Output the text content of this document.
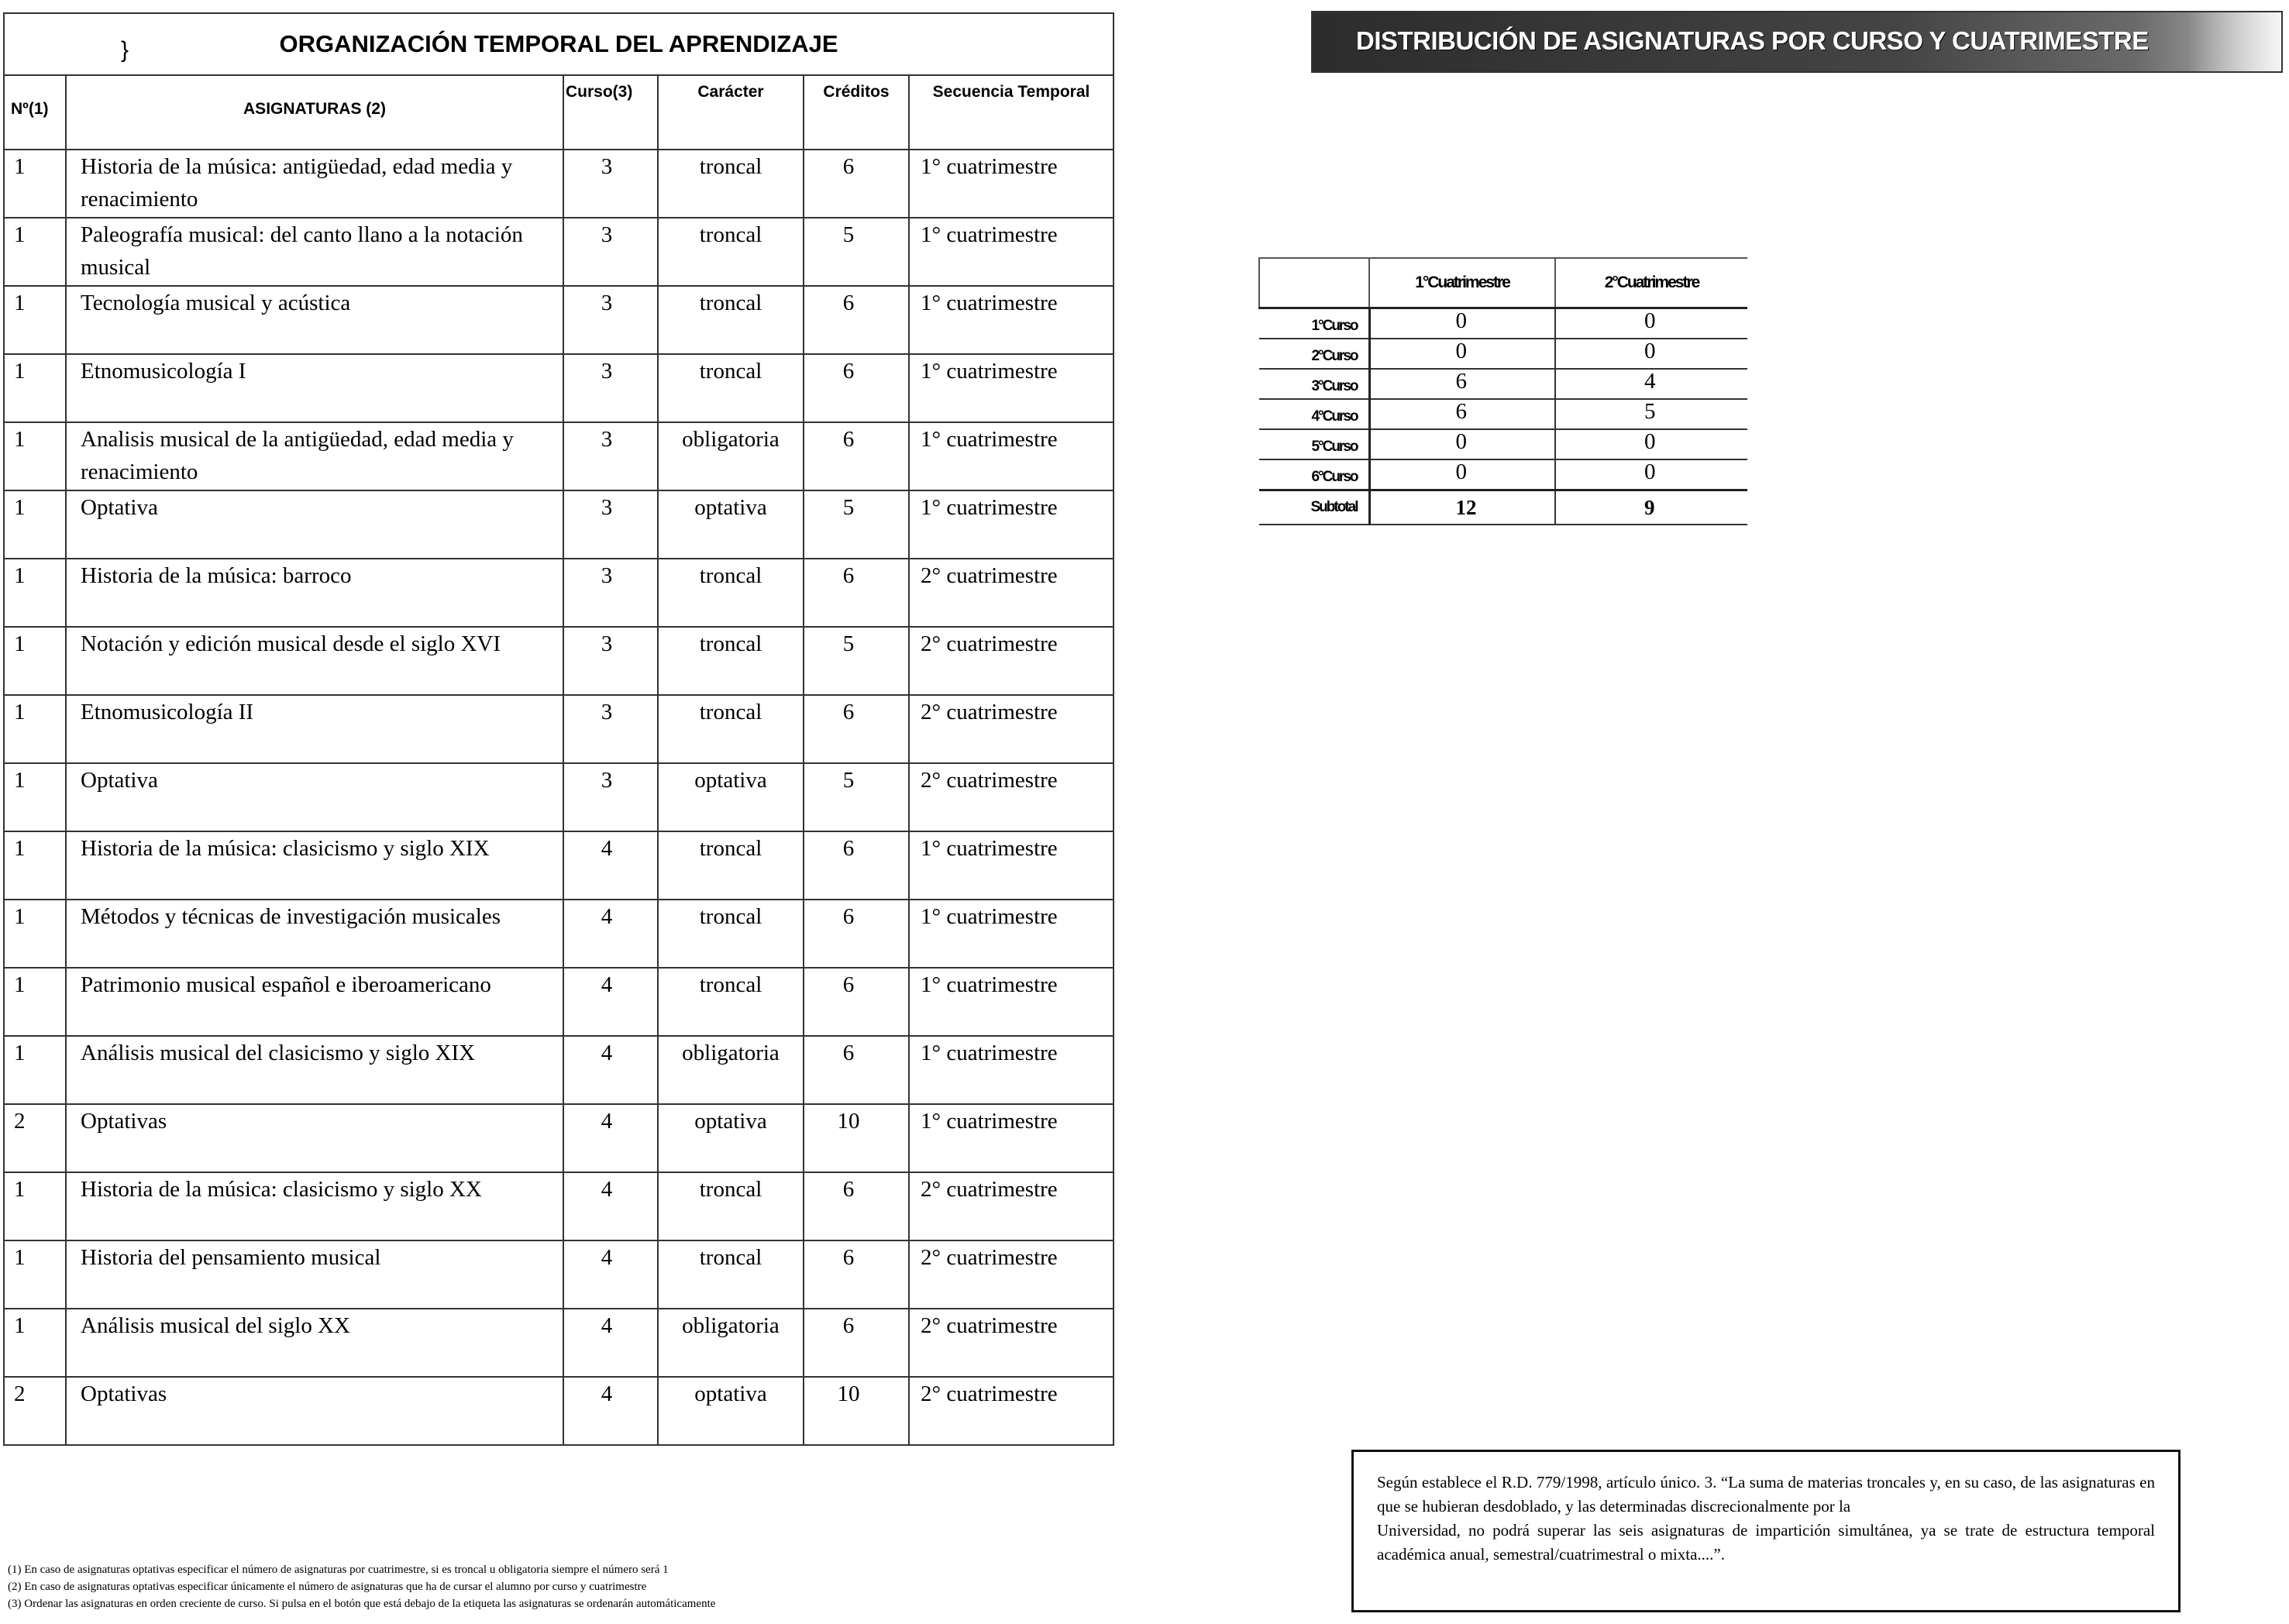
} ORGANIZACIÓN TEMPORAL DEL APRENDIZAJE					
Nº(1)	ASIGNATURAS (2)	Curso(3)	Carácter	Créditos	Secuencia Temporal
1	Historia de la música: antigüedad, edad media y renacimiento	3	troncal	6	1° cuatrimestre
1	Paleografía musical: del canto llano a la notación musical	3	troncal	5	1° cuatrimestre
1	Tecnología musical y acústica	3	troncal	6	1° cuatrimestre
1	Etnomusicología I	3	troncal	6	1° cuatrimestre
1	Analisis musical de la antigüedad, edad media y renacimiento	3	obligatoria	6	1° cuatrimestre
1	Optativa	3	optativa	5	1° cuatrimestre
1	Historia de la música: barroco	3	troncal	6	2° cuatrimestre
1	Notación y edición musical desde el siglo XVI	3	troncal	5	2° cuatrimestre
1	Etnomusicología II	3	troncal	6	2° cuatrimestre
1	Optativa	3	optativa	5	2° cuatrimestre
1	Historia de la música: clasicismo y siglo XIX	4	troncal	6	1° cuatrimestre
1	Métodos y técnicas de investigación musicales	4	troncal	6	1° cuatrimestre
1	Patrimonio musical español e iberoamericano	4	troncal	6	1° cuatrimestre
1	Análisis musical del clasicismo y siglo XIX	4	obligatoria	6	1° cuatrimestre
2	Optativas	4	optativa	10	1° cuatrimestre
1	Historia de la música: clasicismo y siglo XX	4	troncal	6	2° cuatrimestre
1	Historia del pensamiento musical	4	troncal	6	2° cuatrimestre
1	Análisis musical del siglo XX	4	obligatoria	6	2° cuatrimestre
2	Optativas	4	optativa	10	2° cuatrimestre
(1) En caso de asignaturas optativas especificar el número de asignaturas por cuatrimestre, si es troncal u obligatoria siempre el número será 1
(2) En caso de asignaturas optativas especificar únicamente el número de asignaturas que ha de cursar el alumno por curso y cuatrimestre
(3) Ordenar las asignaturas en orden creciente de curso. Si pulsa en el botón que está debajo de la etiqueta las asignaturas se ordenarán automáticamente
DISTRIBUCIÓN DE ASIGNATURAS POR CURSO Y CUATRIMESTRE
	1°Cuatrimestre	2°Cuatrimestre
1°Curso	0	0
2°Curso	0	0
3°Curso	6	4
4°Curso	6	5
5°Curso	0	0
6°Curso	0	0
Subtotal	12	9

Según establece el R.D. 779/1998, artículo único. 3. “La suma de materias troncales y, en su caso, de las asignaturas en que se hubieran desdoblado, y las determinadas discrecionalmente por la

Universidad, no podrá superar las seis asignaturas de impartición simultánea, ya se trate de estructura temporal académica anual, semestral/cuatrimestral o mixta....”.
